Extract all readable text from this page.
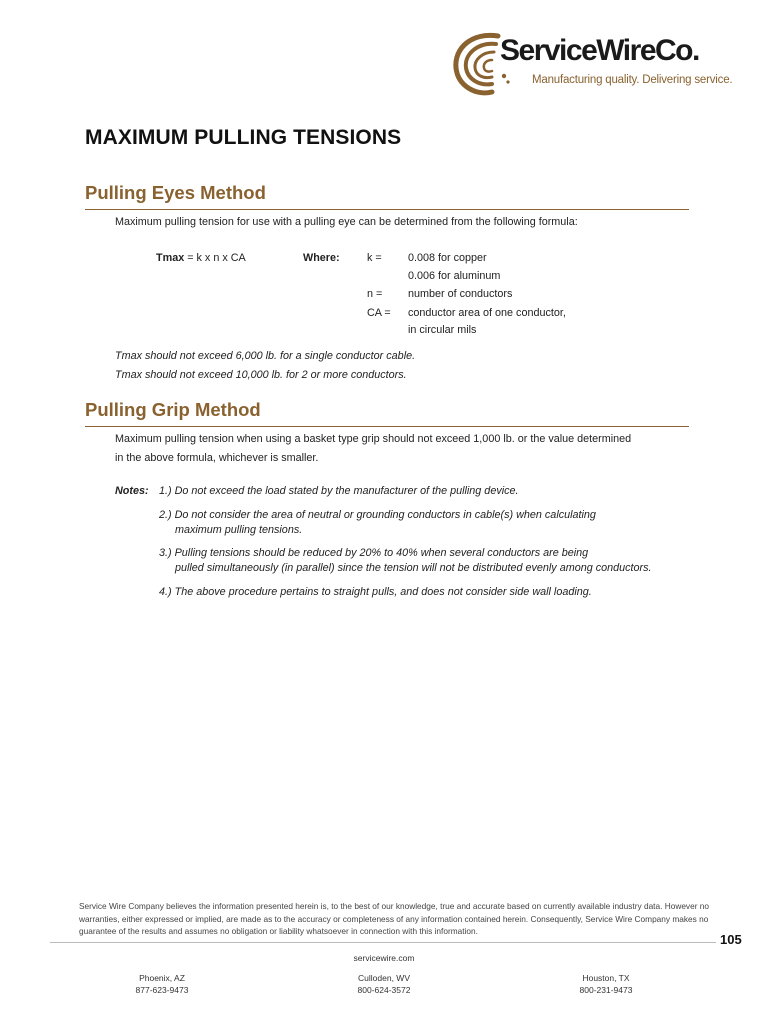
ServiceWireCo.
Manufacturing quality. Delivering service.
MAXIMUM PULLING TENSIONS
Pulling Eyes Method
Maximum pulling tension for use with a pulling eye can be determined from the following formula:
Tmax = k x n x CA	Where:	k = 0.008 for copper
0.006 for aluminum
n = number of conductors
CA = conductor area of one conductor,
in circular mils
Tmax should not exceed 6,000 lb. for a single conductor cable.
Tmax should not exceed 10,000 lb. for 2 or more conductors.
Pulling Grip Method
Maximum pulling tension when using a basket type grip should not exceed 1,000 lb. or the value determined
in the above formula, whichever is smaller.
Notes: 1.) Do not exceed the load stated by the manufacturer of the pulling device.
2.) Do not consider the area of neutral or grounding conductors in cable(s) when calculating
maximum pulling tensions.
3.) Pulling tensions should be reduced by 20% to 40% when several conductors are being
pulled simultaneously (in parallel) since the tension will not be distributed evenly among conductors.
4.) The above procedure pertains to straight pulls, and does not consider side wall loading.
Service Wire Company believes the information presented herein is, to the best of our knowledge, true and accurate based on currently available industry data. However no warranties, either expressed or implied, are made as to the accuracy or completeness of any information contained herein. Consequently, Service Wire Company makes no guarantee of the results and assumes no obligation or liability whatsoever in connection with this information.
105
servicewire.com
Phoenix, AZ
877-623-9473
Culloden, WV
800-624-3572
Houston, TX
800-231-9473
